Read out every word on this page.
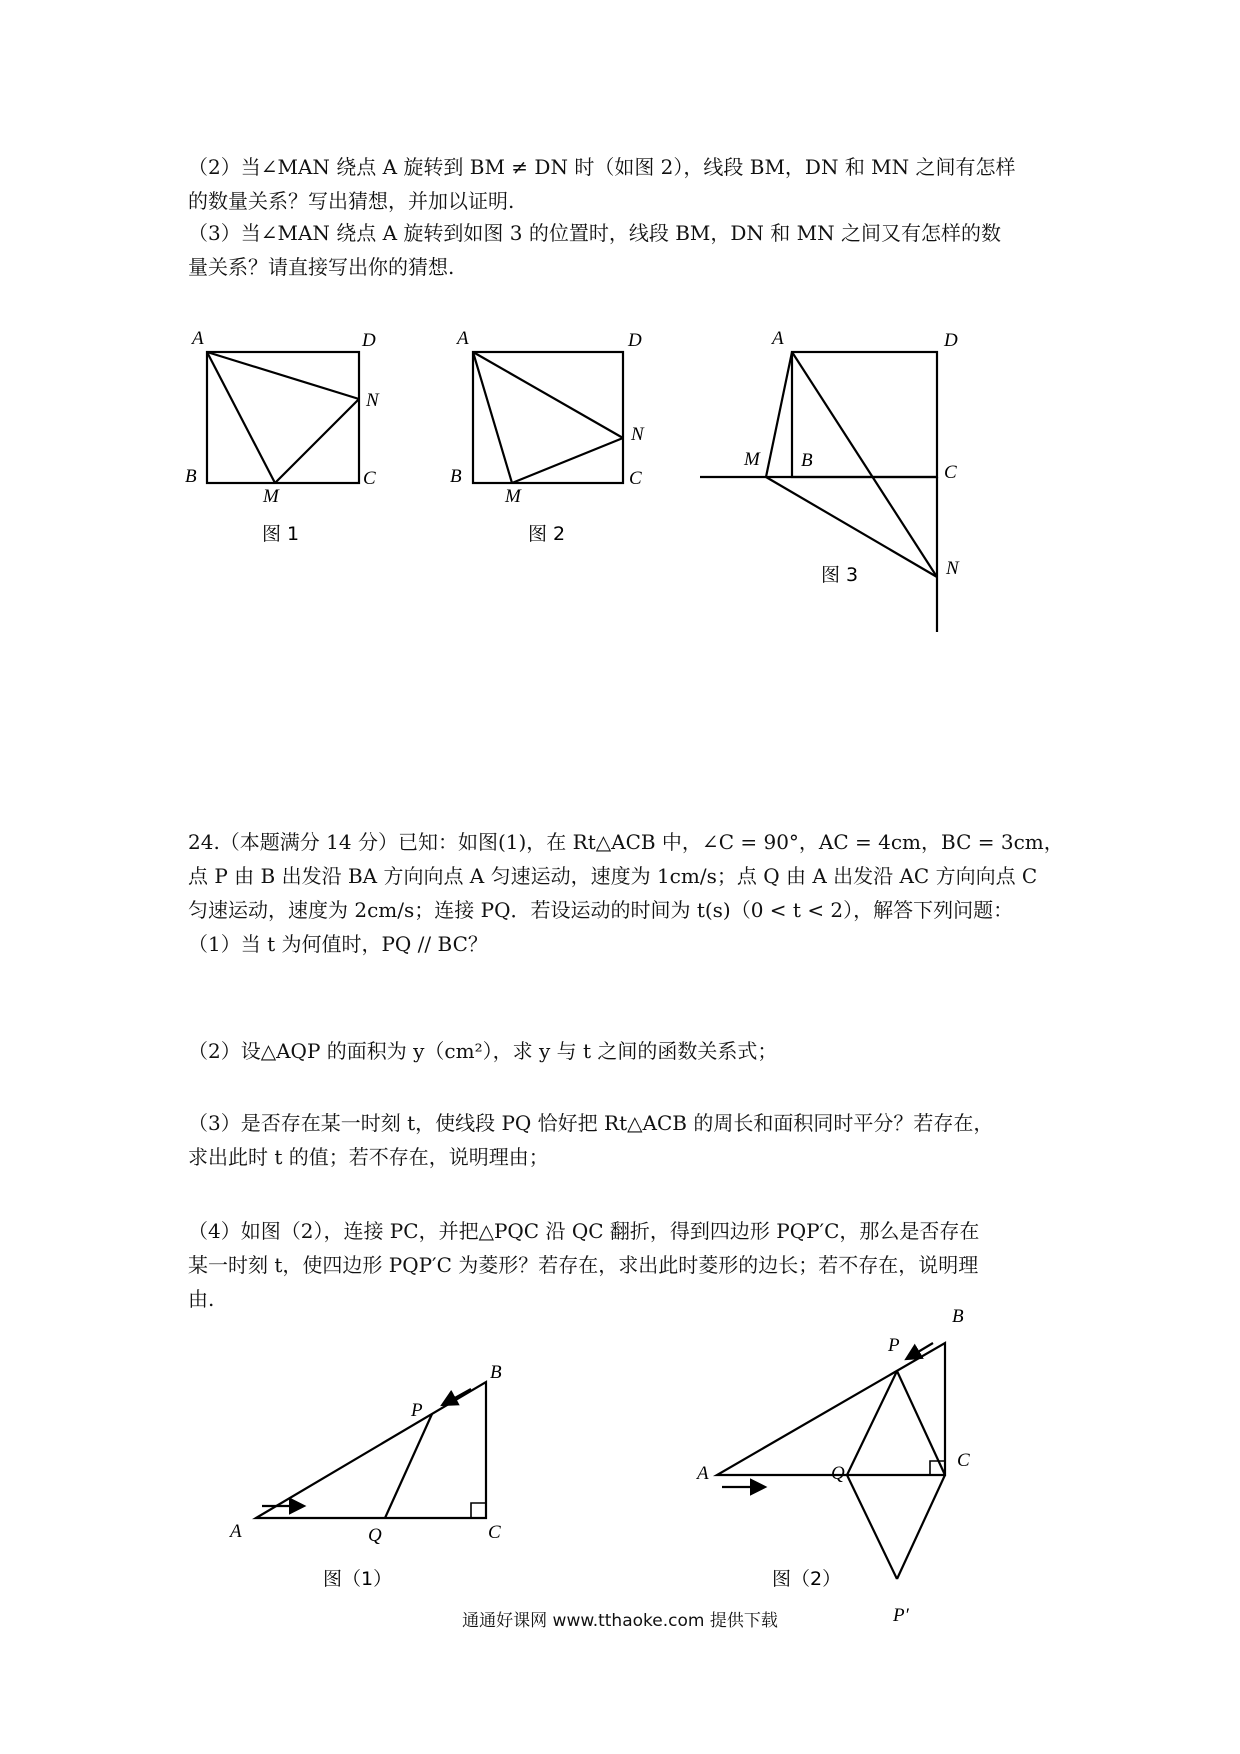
（2）当∠MAN 绕点 A 旋转到 BM ≠ DN 时（如图 2），线段 BM，DN 和 MN 之间有怎样
的数量关系？写出猜想，并加以证明.
（3）当∠MAN 绕点 A 旋转到如图 3 的位置时，线段 BM，DN 和 MN 之间又有怎样的数
量关系？请直接写出你的猜想.
A	D
N
B
M
C
图 1
A	D
N
B
M
C
图 2
A	D
M B
C
N
图 3
24.（本题满分 14 分）已知：如图(1)，在 Rt△ACB 中，∠C = 90°，AC = 4cm，BC = 3cm，
点 P 由 B 出发沿 BA 方向向点 A 匀速运动，速度为 1cm/s；点 Q 由 A 出发沿 AC 方向向点 C
匀速运动，速度为 2cm/s；连接 PQ．若设运动的时间为 t(s)（0 < t < 2），解答下列问题：
（1）当 t 为何值时，PQ // BC？
（2）设△AQP 的面积为 y（cm²），求 y 与 t 之间的函数关系式；
（3）是否存在某一时刻 t，使线段 PQ 恰好把 Rt△ACB 的周长和面积同时平分？若存在，
求出此时 t 的值；若不存在，说明理由；
（4）如图（2），连接 PC，并把△PQC 沿 QC 翻折，得到四边形 PQP′C，那么是否存在
某一时刻 t，使四边形 PQP′C 为菱形？若存在，求出此时菱形的边长；若不存在，说明理
由.
A
B
C
P
Q
图（1）
A
B
C
P
Q
P′
图（2）
通通好课网 www.tthaoke.com 提供下载
